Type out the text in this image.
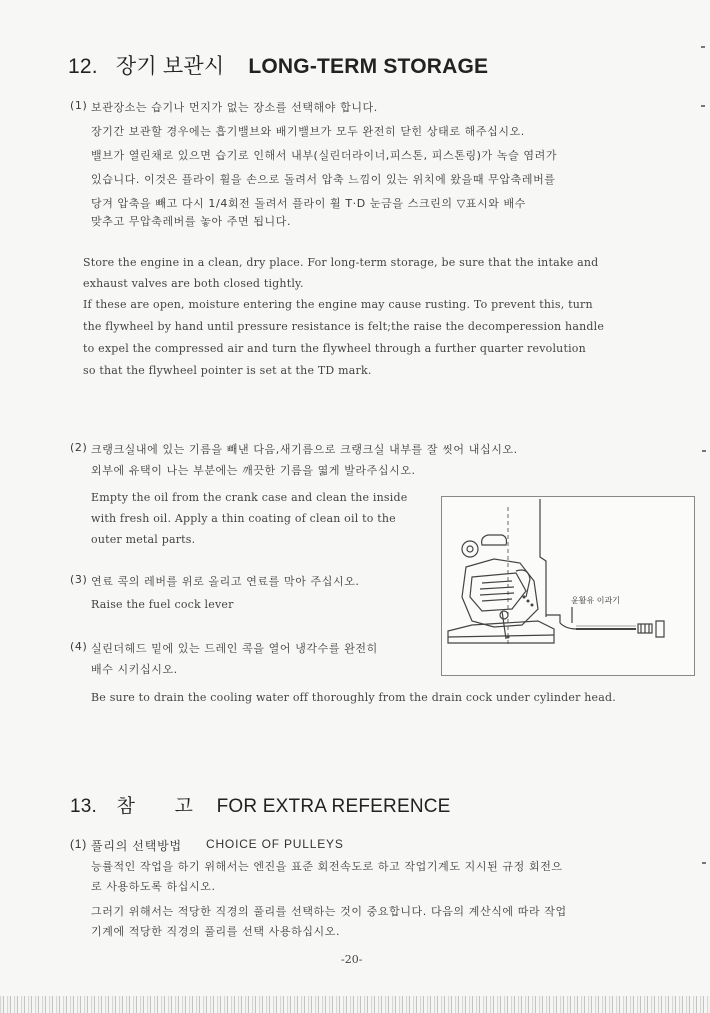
12. 장기 보관시 LONG-TERM STORAGE
(1) 보관장소는 습기나 먼지가 없는 장소를 선택해야 합니다.
장기간 보관할 경우에는 흡기밸브와 배기밸브가 모두 완전히 닫힌 상태로 해주십시오.
밸브가 열린채로 있으면 습기로 인해서 내부(실린더라이너,피스톤, 피스톤링)가 녹슬 염려가
있습니다. 이것은 플라이 휠을 손으로 돌려서 압축 느낌이 있는 위치에 왔을때 무압축레버를
당겨 압축을 빼고 다시 1/4회전 돌려서 플라이 휠 T·D 눈금을 스크린의 ▽표시와 배수
맞추고 무압축레버를 놓아 주면 됩니다.
Store the engine in a clean, dry place. For long-term storage, be sure that the intake and
exhaust valves are both closed tightly.
If these are open, moisture entering the engine may cause rusting. To prevent this, turn
the flywheel by hand until pressure resistance is felt;the raise the decomperession handle
to expel the compressed air and turn the flywheel through a further quarter revolution
so that the flywheel pointer is set at the TD mark.
(2) 크랭크실내에 있는 기름을 빼낸 다음,새기름으로 크랭크실 내부를 잘 씻어 내십시오.
외부에 유택이 나는 부분에는 깨끗한 기름을 엷게 발라주십시오.
Empty the oil from the crank case and clean the inside
with fresh oil. Apply a thin coating of clean oil to the
outer metal parts.
(3) 연료 콕의 레버를 위로 올리고 연료를 막아 주십시오.
Raise the fuel cock lever
(4) 실린더헤드 밑에 있는 드레인 콕을 열어 냉각수를 완전히
배수 시키십시오.
Be sure to drain the cooling water off thoroughly from the drain cock under cylinder head.
윤활유 이과기
13. 참 고 FOR EXTRA REFERENCE
(1) 풀리의 선택방법 CHOICE OF PULLEYS
능률적인 작업을 하기 위해서는 엔진을 표준 회전속도로 하고 작업기계도 지시된 규정 회전으
로 사용하도록 하십시오.
그러기 위해서는 적당한 직경의 풀리를 선택하는 것이 중요합니다. 다음의 계산식에 따라 작업
기계에 적당한 직경의 풀리를 선택 사용하십시오.
-20-
